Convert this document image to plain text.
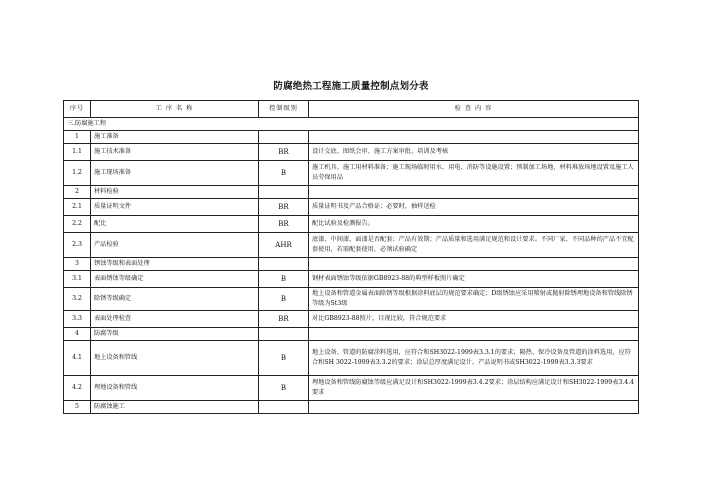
防腐绝热工程施工质量控制点划分表
序号	工 序 名 称	控制级别	检 查 内 容
三.防腐施工程			
1	施工准备		
1.1	施工技术准备	BR	设计交底、图纸会审、施工方案审批、培训及考核
1.2	施工现场准备	B	施工机具、施工用材料准备；施工现场临时用水、用电、消防等设施设置；预制加工场地、材料堆放场地设置及施工人员劳保用品
2	材料检验		
2.1	质量证明文件	BR	质量证明书及产品合格证；必要时，抽样送检
2.2	配比	BR	配比试验及检测报告。
2.3	产品检验	AHR	底漆、中间漆、面漆是否配套；产品有效期；产品质量和选用满足规范和设计要求。不同厂家、不同品种的产品不宜配套使用，若需配套使用，必须试验确定
3	锈蚀等级和表面处理		
3.1	表面锈蚀等级确定	B	钢材表面锈蚀等级依据GB8923-88的典型样板照片确定
3.2	除锈等级确定	B	地上设备和管道金属表面除锈等级根据涂料底层的规范要求确定；D级锈蚀应采用喷射或抛射除锈埋地设备和管线除锈等级为St3级
3.3	表面处理检查	BR	对比GB8923-88照片，目视比较，符合规范要求
4	防腐等级		
4.1	地上设备和管线	B	地上设备、管道的防腐涂料选用，应符合和SH3022-1999表3.3.1的要求；隔热、保冷设备及管道的涂料选用，应符合和SH 3022-1999表3.3.2的要求；涂层总厚度满足设计、产品说明书或SH3022-1999表3.3.3要求
4.2	埋地设备和管线	B	埋地设备和管线防腐蚀等级应满足设计和SH3022-1999表3.4.2要求；涂层结构应满足设计和SH3022-1999表3.4.4要求
5	防腐蚀施工		
